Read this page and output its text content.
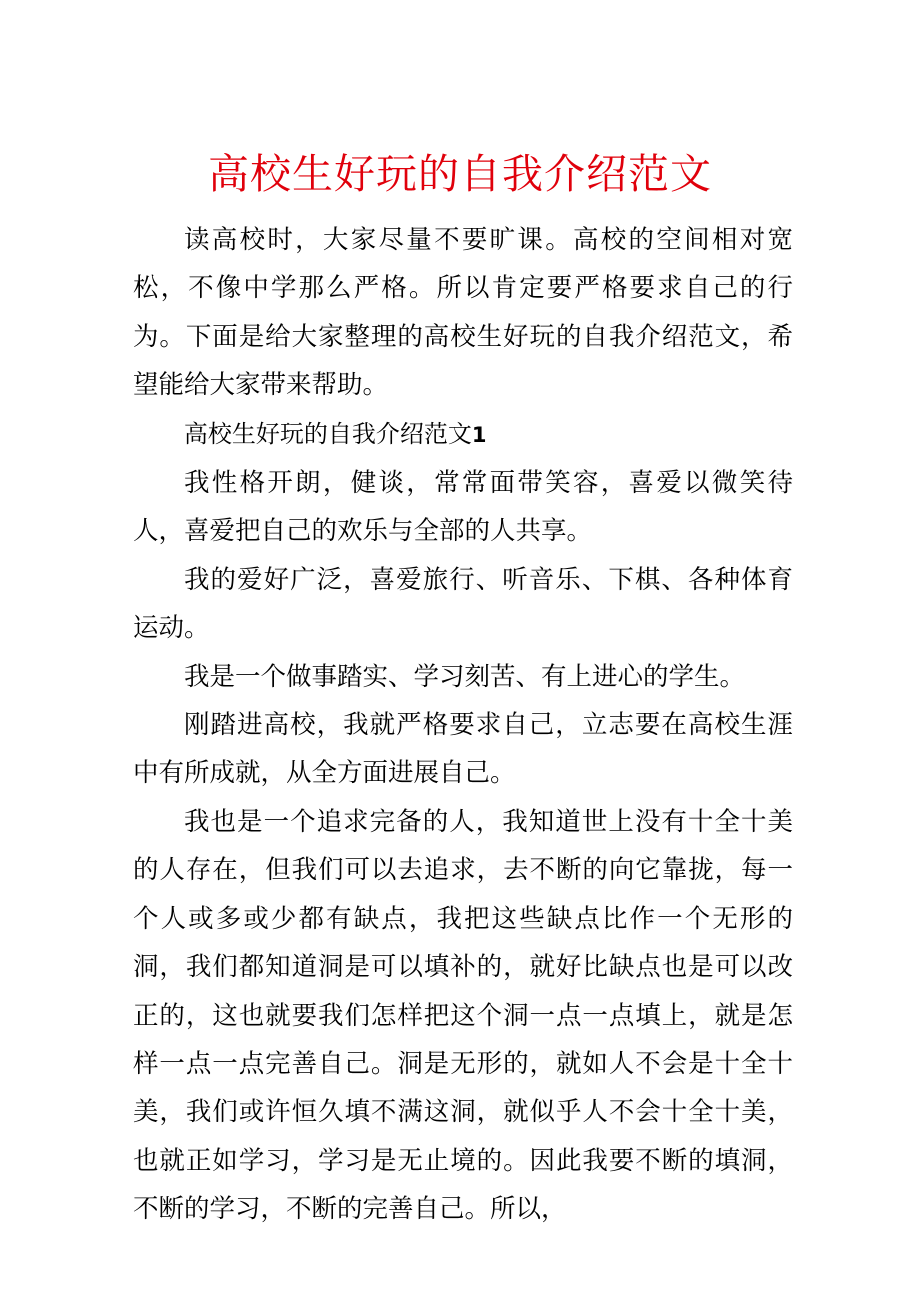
高校生好玩的自我介绍范文

读高校时，大家尽量不要旷课。高校的空间相对宽松，不像中学那么严格。所以肯定要严格要求自己的行为。下面是给大家整理的高校生好玩的自我介绍范文，希望能给大家带来帮助。

高校生好玩的自我介绍范文1

我性格开朗，健谈，常常面带笑容，喜爱以微笑待人，喜爱把自己的欢乐与全部的人共享。

我的爱好广泛，喜爱旅行、听音乐、下棋、各种体育运动。

我是一个做事踏实、学习刻苦、有上进心的学生。

刚踏进高校，我就严格要求自己，立志要在高校生涯中有所成就，从全方面进展自己。

我也是一个追求完备的人，我知道世上没有十全十美的人存在，但我们可以去追求，去不断的向它靠拢，每一个人或多或少都有缺点，我把这些缺点比作一个无形的洞，我们都知道洞是可以填补的，就好比缺点也是可以改正的，这也就要我们怎样把这个洞一点一点填上，就是怎样一点一点完善自己。洞是无形的，就如人不会是十全十美，我们或许恒久填不满这洞，就似乎人不会十全十美，也就正如学习，学习是无止境的。因此我要不断的填洞，不断的学习，不断的完善自己。所以，
